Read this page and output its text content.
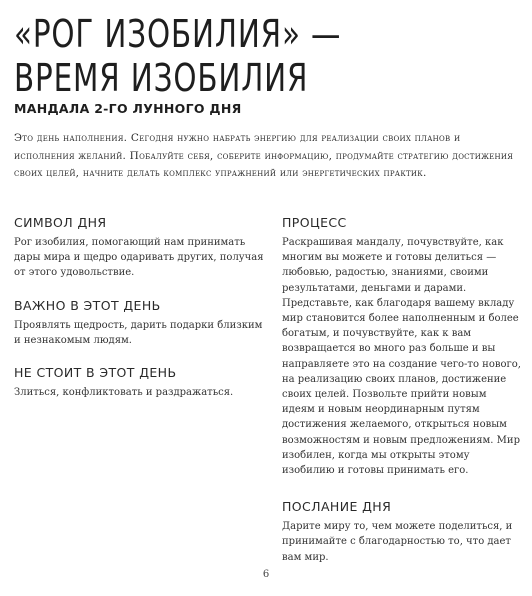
«РОГ ИЗОБИЛИЯ» —
ВРЕМЯ ИЗОБИЛИЯ
МАНДАЛА 2-ГО ЛУННОГО ДНЯ

Это день наполнения. Сегодня нужно набрать энергию для реализации своих планов и исполнения желаний. Побалуйте себя, соберите информацию, продумайте стратегию достижения своих целей, начните делать комплекс упражнений или энергетических практик.

СИМВОЛ ДНЯ

Рог изобилия, помогающий нам принимать дары мира и щедро одаривать других, получая от этого удовольствие.

ВАЖНО В ЭТОТ ДЕНЬ

Проявлять щедрость, дарить подарки близким и незнакомым людям.

НЕ СТОИТ В ЭТОТ ДЕНЬ

Злиться, конфликтовать и раздражаться.

ПРОЦЕСС

Раскрашивая мандалу, почувствуйте, как многим вы можете и готовы делиться — любовью, радостью, знаниями, своими результатами, деньгами и дарами. Представьте, как благодаря вашему вкладу мир становится более наполненным и более богатым, и почувствуйте, как к вам возвращается во много раз больше и вы направляете это на создание чего-то нового, на реализацию своих планов, достижение своих целей. Позвольте прийти новым идеям и новым неординарным путям достижения желаемого, открыться новым возможностям и новым предложениям. Мир изобилен, когда мы открыты этому изобилию и готовы принимать его.

ПОСЛАНИЕ ДНЯ

Дарите миру то, чем можете поделиться, и принимайте с благодарностью то, что дает вам мир.

6
